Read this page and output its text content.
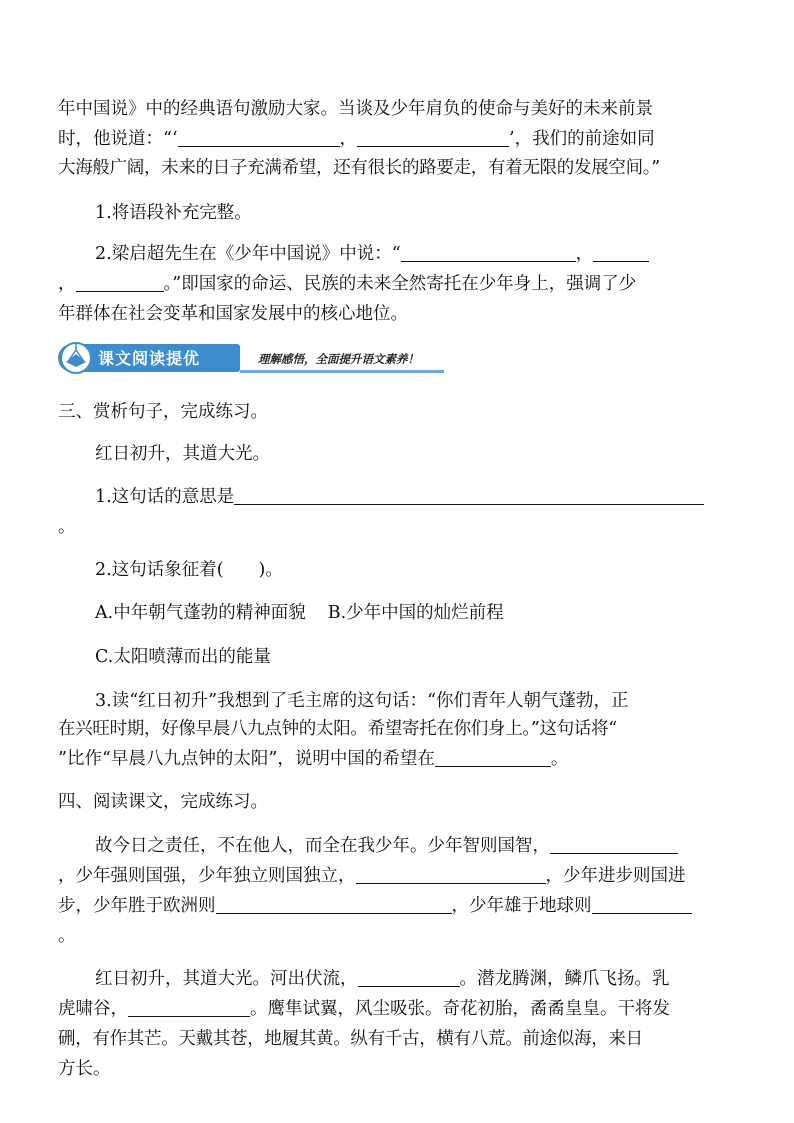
年中国说》中的经典语句激励大家。当谈及少年肩负的使命与美好的未来前景
时，他说道：“‘	，	’，我们的前途如同
大海般广阔，未来的日子充满希望，还有很长的路要走，有着无限的发展空间。”
1.将语段补充完整。
2.梁启超先生在《少年中国说》中说：“	，
，	。”即国家的命运、民族的未来全然寄托在少年身上，强调了少
年群体在社会变革和国家发展中的核心地位。
课文阅读提优	理解感悟，全面提升语文素养！
三、赏析句子，完成练习。
红日初升，其道大光。
1.这句话的意思是
。
2.这句话象征着(　　)。
A.中年朝气蓬勃的精神面貌 B.少年中国的灿烂前程
C.太阳喷薄而出的能量
3.读“红日初升”我想到了毛主席的这句话：“你们青年人朝气蓬勃，正
在兴旺时期，好像早晨八九点钟的太阳。希望寄托在你们身上。”这句话将“
”比作“早晨八九点钟的太阳”，说明中国的希望在	。
四、阅读课文，完成练习。
故今日之责任，不在他人，而全在我少年。少年智则国智，
，少年强则国强，少年独立则国独立，	，少年进步则国进
步，少年胜于欧洲则	，少年雄于地球则
。
红日初升，其道大光。河出伏流，	。潜龙腾渊，鳞爪飞扬。乳
虎啸谷，	。鹰隼试翼，风尘吸张。奇花初胎，矞矞皇皇。干将发
硎，有作其芒。天戴其苍，地履其黄。纵有千古，横有八荒。前途似海，来日
方长。
